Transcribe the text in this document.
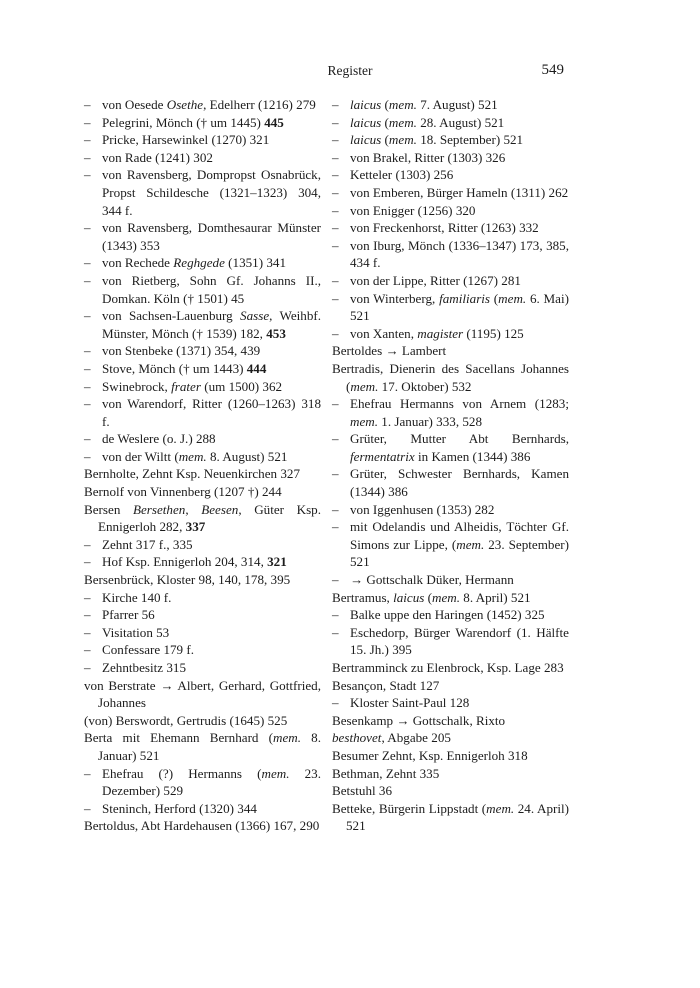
Register	549

– von Oesede Osethe, Edelherr (1216) 279

– Pelegrini, Mönch († um 1445) 445

– Pricke, Harsewinkel (1270) 321

– von Rade (1241) 302

– von Ravensberg, Dompropst Osnabrück, Propst Schildesche (1321–1323) 304, 344 f.

– von Ravensberg, Domthesaurar Münster (1343) 353

– von Rechede Reghgede (1351) 341

– von Rietberg, Sohn Gf. Johanns II., Domkan. Köln († 1501) 45

– von Sachsen-Lauenburg Sasse, Weihbf. Münster, Mönch († 1539) 182, 453

– von Stenbeke (1371) 354, 439

– Stove, Mönch († um 1443) 444

– Swinebrock, frater (um 1500) 362

– von Warendorf, Ritter (1260–1263) 318 f.

– de Weslere (o. J.) 288

– von der Wiltt (mem. 8. August) 521

Bernholte, Zehnt Ksp. Neuenkirchen 327

Bernolf von Vinnenberg (1207 †) 244

Bersen Bersethen, Beesen, Güter Ksp. Ennigerloh 282, 337

– Zehnt 317 f., 335

– Hof Ksp. Ennigerloh 204, 314, 321

Bersenbrück, Kloster 98, 140, 178, 395

– Kirche 140 f.

– Pfarrer 56

– Visitation 53

– Confessare 179 f.

– Zehntbesitz 315

von Berstrate → Albert, Gerhard, Gottfried, Johannes

(von) Berswordt, Gertrudis (1645) 525

Berta mit Ehemann Bernhard (mem. 8. Januar) 521

– Ehefrau (?) Hermanns (mem. 23. Dezember) 529

– Steninch, Herford (1320) 344

Bertoldus, Abt Hardehausen (1366) 167, 290

– laicus (mem. 7. August) 521

– laicus (mem. 28. August) 521

– laicus (mem. 18. September) 521

– von Brakel, Ritter (1303) 326

– Ketteler (1303) 256

– von Emberen, Bürger Hameln (1311) 262

– von Enigger (1256) 320

– von Freckenhorst, Ritter (1263) 332

– von Iburg, Mönch (1336–1347) 173, 385, 434 f.

– von der Lippe, Ritter (1267) 281

– von Winterberg, familiaris (mem. 6. Mai) 521

– von Xanten, magister (1195) 125

Bertoldes → Lambert

Bertradis, Dienerin des Sacellans Johannes (mem. 17. Oktober) 532

– Ehefrau Hermanns von Arnem (1283; mem. 1. Januar) 333, 528

– Grüter, Mutter Abt Bernhards, fermentatrix in Kamen (1344) 386

– Grüter, Schwester Bernhards, Kamen (1344) 386

– von Iggenhusen (1353) 282

– mit Odelandis und Alheidis, Töchter Gf. Simons zur Lippe, (mem. 23. September) 521

– → Gottschalk Düker, Hermann

Bertramus, laicus (mem. 8. April) 521

– Balke uppe den Haringen (1452) 325

– Eschedorp, Bürger Warendorf (1. Hälfte 15. Jh.) 395

Bertramminck zu Elenbrock, Ksp. Lage 283

Besançon, Stadt 127

– Kloster Saint-Paul 128

Besenkamp → Gottschalk, Rixto

besthovet, Abgabe 205

Besumer Zehnt, Ksp. Ennigerloh 318

Bethman, Zehnt 335

Betstuhl 36

Betteke, Bürgerin Lippstadt (mem. 24. April) 521
